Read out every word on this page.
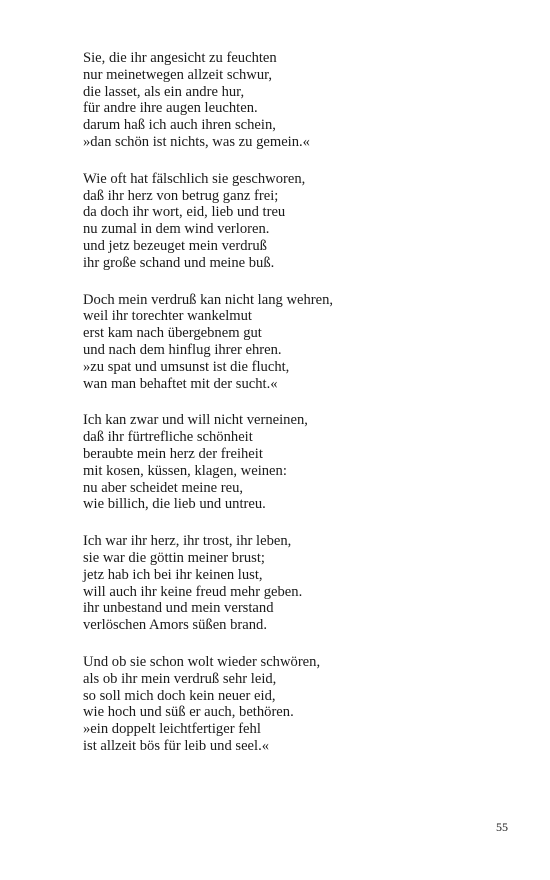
Sie, die ihr angesicht zu feuchten
nur meinetwegen allzeit schwur,
die lasset, als ein andre hur,
für andre ihre augen leuchten.
darum haß ich auch ihren schein,
»dan schön ist nichts, was zu gemein.«
Wie oft hat fälschlich sie geschworen,
daß ihr herz von betrug ganz frei;
da doch ihr wort, eid, lieb und treu
nu zumal in dem wind verloren.
und jetz bezeuget mein verdruß
ihr große schand und meine buß.
Doch mein verdruß kan nicht lang wehren,
weil ihr torechter wankelmut
erst kam nach übergebnem gut
und nach dem hinflug ihrer ehren.
»zu spat und umsunst ist die flucht,
wan man behaftet mit der sucht.«
Ich kan zwar und will nicht verneinen,
daß ihr fürtrefliche schönheit
beraubte mein herz der freiheit
mit kosen, küssen, klagen, weinen:
nu aber scheidet meine reu,
wie billich, die lieb und untreu.
Ich war ihr herz, ihr trost, ihr leben,
sie war die göttin meiner brust;
jetz hab ich bei ihr keinen lust,
will auch ihr keine freud mehr geben.
ihr unbestand und mein verstand
verlöschen Amors süßen brand.
Und ob sie schon wolt wieder schwören,
als ob ihr mein verdruß sehr leid,
so soll mich doch kein neuer eid,
wie hoch und süß er auch, bethören.
»ein doppelt leichtfertiger fehl
ist allzeit bös für leib und seel.«
55
